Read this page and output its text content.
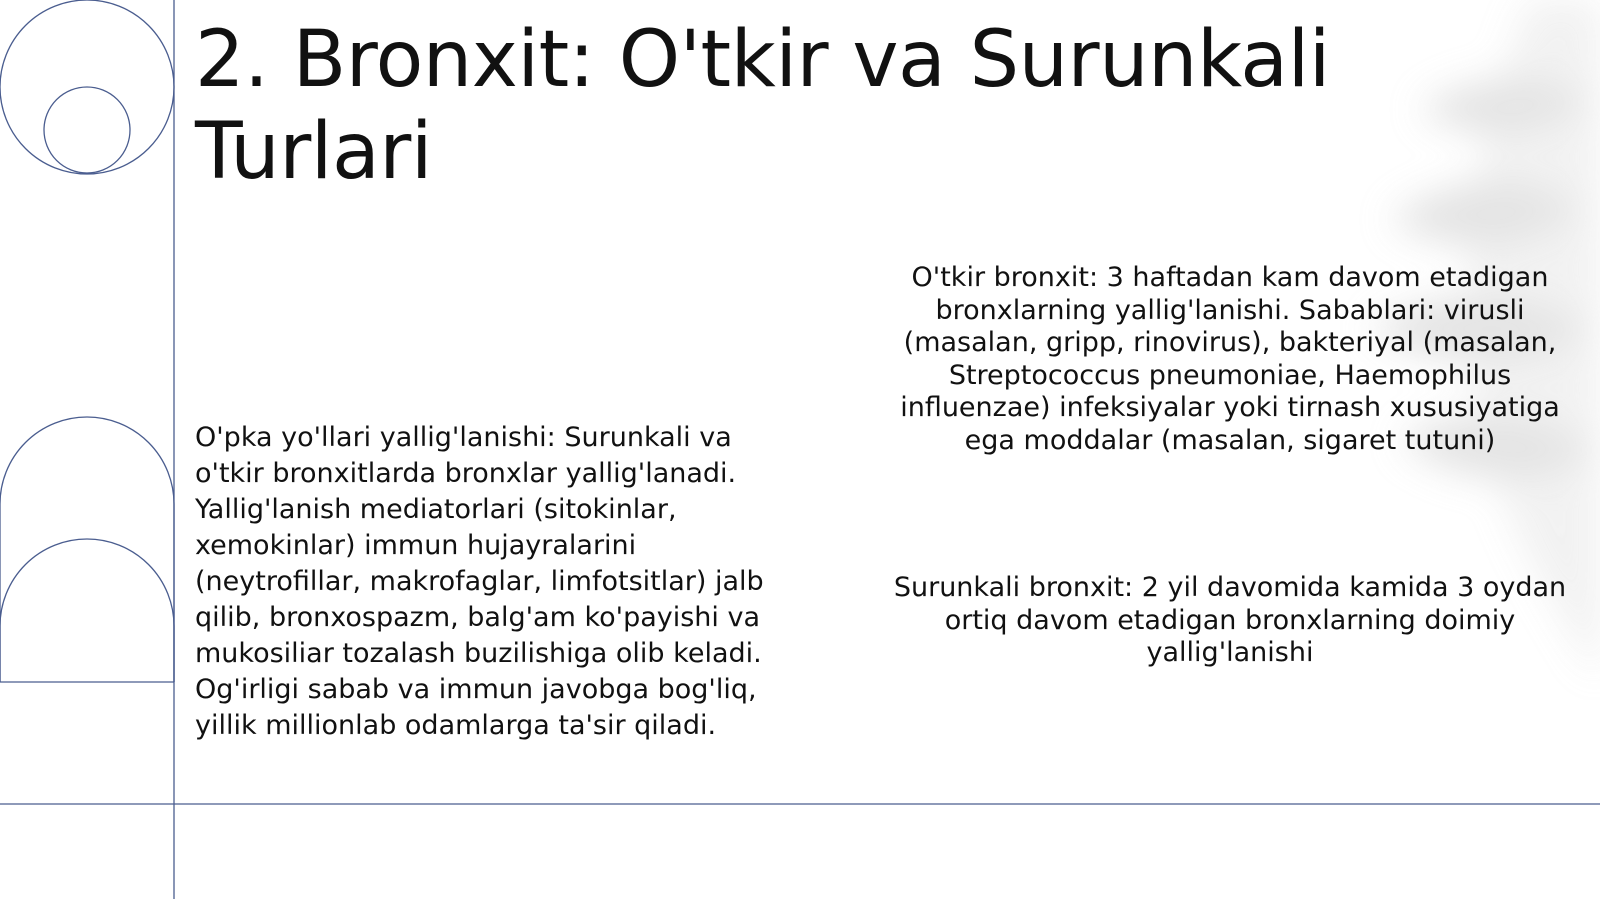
2. Bronxit: O'tkir va Surunkali Turlari

O'pka yo'llari yallig'lanishi: Surunkali va o'tkir bronxitlarda bronxlar yallig'lanadi. Yallig'lanish mediatorlari (sitokinlar, xemokinlar) immun hujayralarini (neytrofillar, makrofaglar, limfotsitlar) jalb qilib, bronxospazm, balg'am ko'payishi va mukosiliar tozalash buzilishiga olib keladi. Og'irligi sabab va immun javobga bog'liq, yillik millionlab odamlarga ta'sir qiladi.

O'tkir bronxit: 3 haftadan kam davom etadigan bronxlarning yallig'lanishi. Sabablari: virusli (masalan, gripp, rinovirus), bakteriyal (masalan, Streptococcus pneumoniae, Haemophilus influenzae) infeksiyalar yoki tirnash xususiyatiga ega moddalar (masalan, sigaret tutuni)

Surunkali bronxit: 2 yil davomida kamida 3 oydan ortiq davom etadigan bronxlarning doimiy yallig'lanishi
